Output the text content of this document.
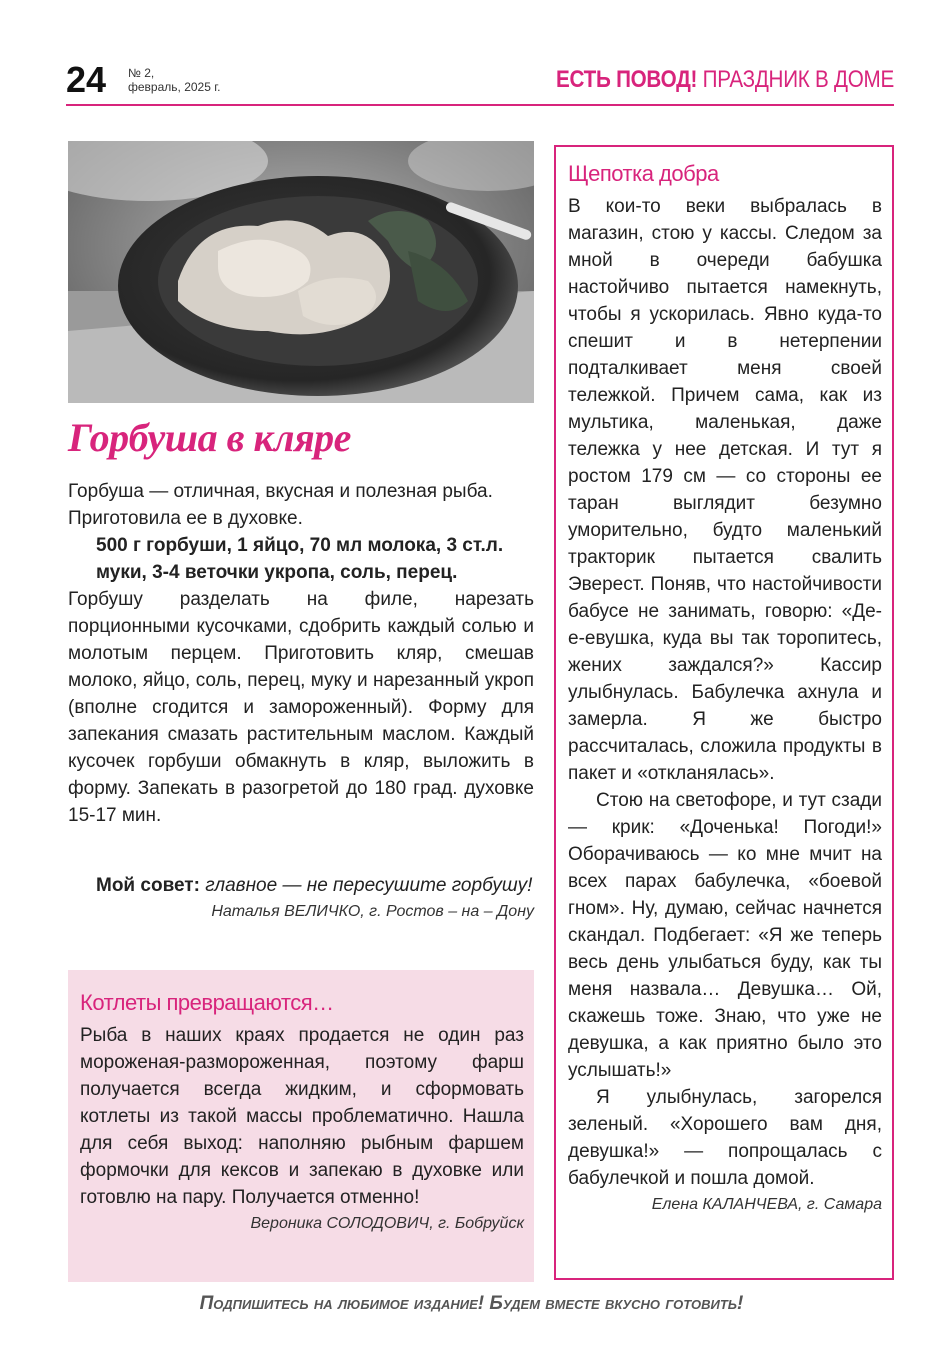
24 № 2,
февраль, 2025 г.	ЕСТЬ ПОВОД! ПРАЗДНИК В ДОМЕ
Горбуша в кляре

Горбуша — отличная, вкусная и полезная рыба. Приготовила ее в духовке.

500 г горбуши, 1 яйцо, 70 мл молока, 3 ст.л. муки, 3-4 веточки укропа, соль, перец.

Горбушу разделать на филе, нарезать порционными кусочками, сдобрить каждый солью и молотым перцем. Приготовить кляр, смешав молоко, яйцо, соль, перец, муку и нарезанный укроп (вполне сгодится и замороженный). Форму для запекания смазать растительным маслом. Каждый кусочек горбуши обмакнуть в кляр, выложить в форму. Запекать в разогретой до 180 град. духовке 15-17 мин.

Мой совет: главное — не пересушите горбушу!
Наталья ВЕЛИЧКО, г. Ростов – на – Дону
Котлеты превращаются…
Рыба в наших краях продается не один раз мороженая-размороженная, поэтому фарш получается всегда жидким, и сформовать котлеты из такой массы проблематично. Нашла для себя выход: наполняю рыбным фаршем формочки для кексов и запекаю в духовке или готовлю на пару. Получается отменно!
Вероника СОЛОДОВИЧ, г. Бобруйск
Щепотка добра

В кои-то веки выбралась в магазин, стою у кассы. Следом за мной в очереди бабушка настойчиво пытается намекнуть, чтобы я ускорилась. Явно куда-то спешит и в нетерпении подталкивает меня своей тележкой. Причем сама, как из мультика, маленькая, даже тележка у нее детская. И тут я ростом 179 см — со стороны ее таран выглядит безумно уморительно, будто маленький тракторик пытается свалить Эверест. Поняв, что настойчивости бабусе не занимать, говорю: «Де-е-евушка, куда вы так торопитесь, жених заждался?» Кассир улыбнулась. Бабулечка ахнула и замерла. Я же быстро рассчиталась, сложила продукты в пакет и «откланялась».

Стою на светофоре, и тут сзади — крик: «Доченька! Погоди!» Оборачиваюсь — ко мне мчит на всех парах бабулечка, «боевой гном». Ну, думаю, сейчас начнется скандал. Подбегает: «Я же теперь весь день улыбаться буду, как ты меня назвала… Девушка… Ой, скажешь тоже. Знаю, что уже не девушка, а как приятно было это услышать!»

Я улыбнулась, загорелся зеленый. «Хорошего вам дня, девушка!» — попрощалась с бабулечкой и пошла домой.

Елена КАЛАНЧЕВА, г. Самара
Подпишитесь на любимое издание! Будем вместе вкусно готовить!
